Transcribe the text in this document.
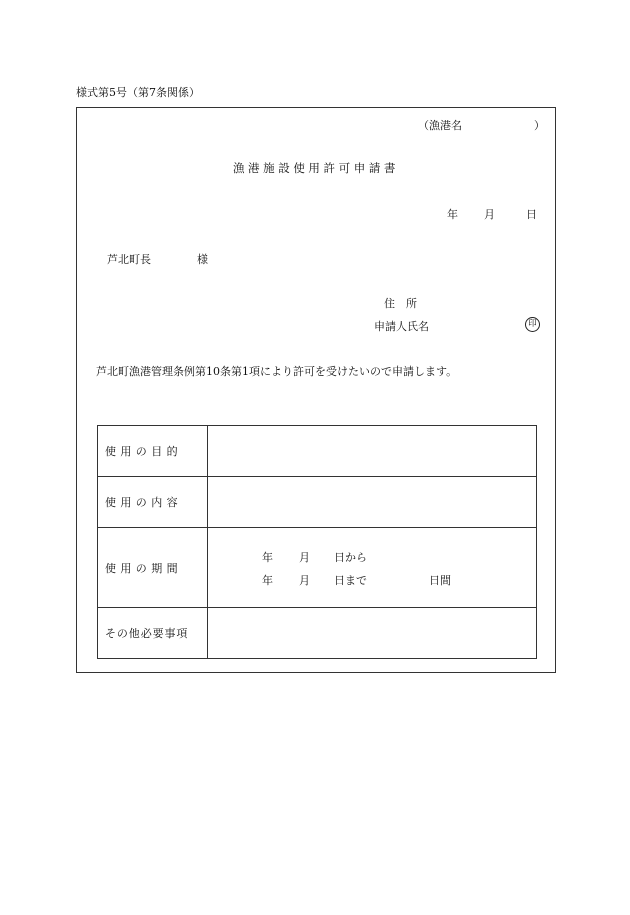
様式第5号（第7条関係）
（漁港名	）
漁港施設使用許可申請書
年 月	日
芦北町長	様
住　所
申請人氏名	印
芦北町漁港管理条例第10条第1項により許可を受けたいので申請します。
使用の目的	
使用の内容	
使用の期間	年 月 日から
年 月 日まで 日間

その他必要事項	
